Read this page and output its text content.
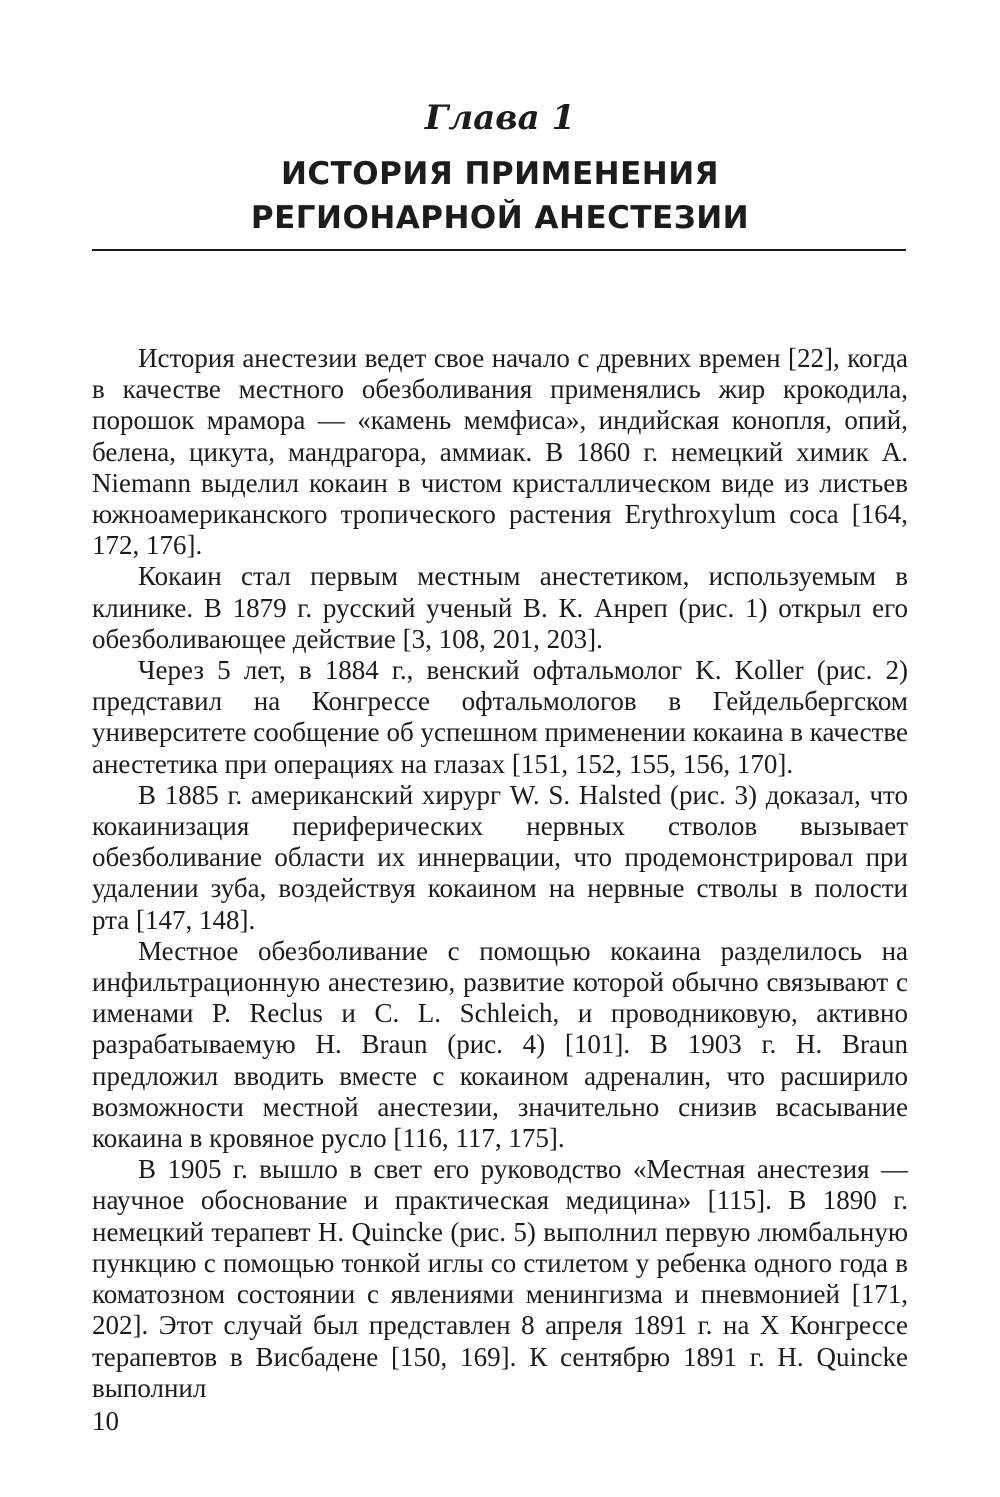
Глава 1
ИСТОРИЯ ПРИМЕНЕНИЯ
РЕГИОНАРНОЙ АНЕСТЕЗИИ

История анестезии ведет свое начало с древних времен [22], когда в качестве местного обезболивания применялись жир крокодила, порошок мрамора — «камень мемфиса», индийская конопля, опий, белена, цикута, мандрагора, аммиак. В 1860 г. немецкий химик A. Niemann выделил кокаин в чистом кристаллическом виде из листьев южноамериканского тропического растения Erythroxylum coca [164, 172, 176].

Кокаин стал первым местным анестетиком, используемым в клинике. В 1879 г. русский ученый В. К. Анреп (рис. 1) открыл его обезболивающее действие [3, 108, 201, 203].

Через 5 лет, в 1884 г., венский офтальмолог K. Koller (рис. 2) представил на Конгрессе офтальмологов в Гейдельбергском университете сообщение об успешном применении кокаина в качестве анестетика при операциях на глазах [151, 152, 155, 156, 170].

В 1885 г. американский хирург W. S. Halsted (рис. 3) доказал, что кокаинизация периферических нервных стволов вызывает обезболивание области их иннервации, что продемонстрировал при удалении зуба, воздействуя кокаином на нервные стволы в полости рта [147, 148].

Местное обезболивание с помощью кокаина разделилось на инфильтрационную анестезию, развитие которой обычно связывают с именами P. Reclus и C. L. Schleich, и проводниковую, активно разрабатываемую H. Braun (рис. 4) [101]. В 1903 г. H. Braun предложил вводить вместе с кокаином адреналин, что расширило возможности местной анестезии, значительно снизив всасывание кокаина в кровяное русло [116, 117, 175].

В 1905 г. вышло в свет его руководство «Местная анестезия — научное обоснование и практическая медицина» [115]. В 1890 г. немецкий терапевт H. Quincke (рис. 5) выполнил первую люмбальную пункцию с помощью тонкой иглы со стилетом у ребенка одного года в коматозном состоянии с явлениями менингизма и пневмонией [171, 202]. Этот случай был представлен 8 апреля 1891 г. на X Конгрессе терапевтов в Висбадене [150, 169]. К сентябрю 1891 г. H. Quincke выполнил

10
